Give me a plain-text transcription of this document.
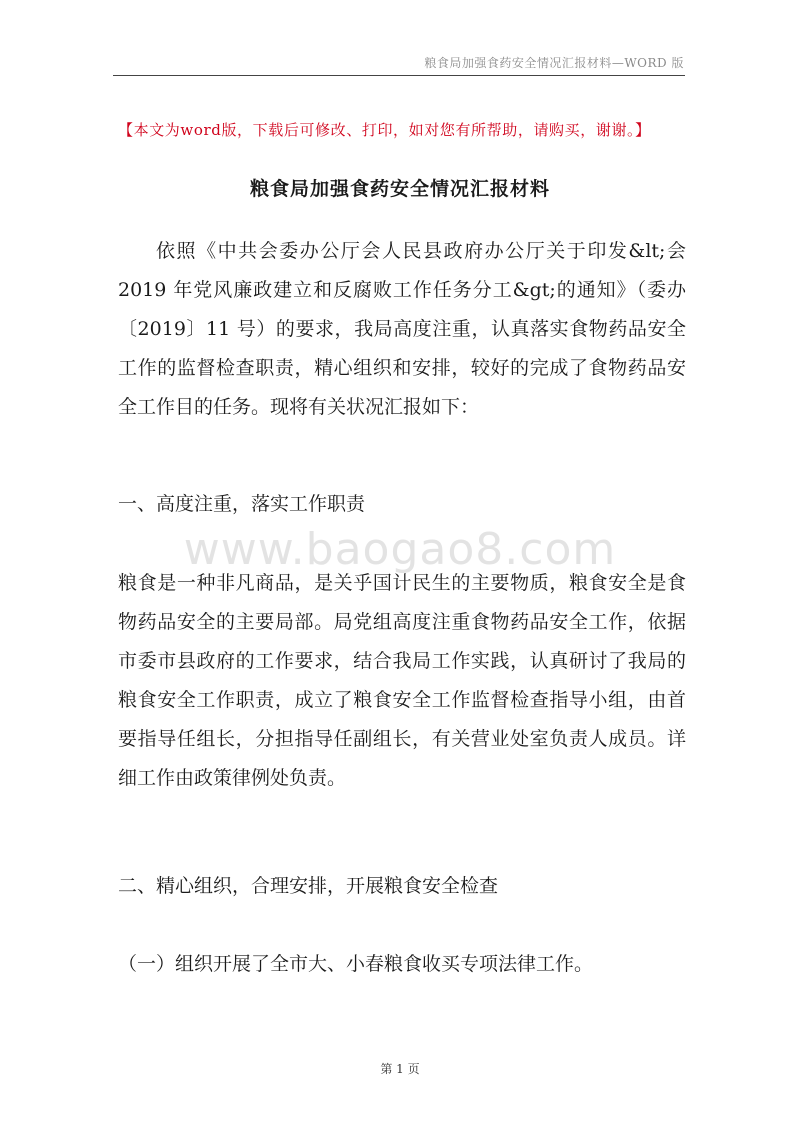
粮食局加强食药安全情况汇报材料—WORD 版
【本文为word版，下载后可修改、打印，如对您有所帮助，请购买，谢谢。】
粮食局加强食药安全情况汇报材料

依照《中共会委办公厅会人民县政府办公厅关于印发&lt;会 2019 年党风廉政建立和反腐败工作任务分工&gt;的通知》（委办〔2019〕11 号）的要求，我局高度注重，认真落实食物药品安全工作的监督检查职责，精心组织和安排，较好的完成了食物药品安全工作目的任务。现将有关状况汇报如下：

一、高度注重，落实工作职责

www.baogao8.com

粮食是一种非凡商品，是关乎国计民生的主要物质，粮食安全是食物药品安全的主要局部。局党组高度注重食物药品安全工作，依据市委市县政府的工作要求，结合我局工作实践，认真研讨了我局的粮食安全工作职责，成立了粮食安全工作监督检查指导小组，由首要指导任组长，分担指导任副组长，有关营业处室负责人成员。详细工作由政策律例处负责。

二、精心组织，合理安排，开展粮食安全检查

（一）组织开展了全市大、小春粮食收买专项法律工作。

第 1 页
